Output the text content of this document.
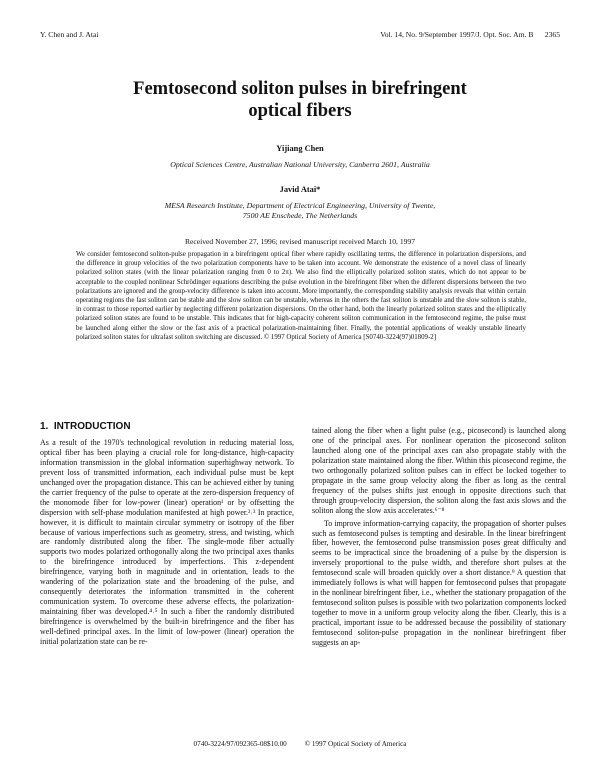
Y. Chen and J. Atai	Vol. 14, No. 9/September 1997/J. Opt. Soc. Am. B      2365
Femtosecond soliton pulses in birefringent
optical fibers
Yijiang Chen
Optical Sciences Centre, Australian National University, Canberra 2601, Australia
Javid Atai*
MESA Research Institute, Department of Electrical Engineering, University of Twente,
7500 AE Enschede, The Netherlands
Received November 27, 1996; revised manuscript received March 10, 1997
We consider femtosecond soliton-pulse propagation in a birefringent optical fiber where rapidly oscillating terms, the difference in polarization dispersions, and the difference in group velocities of the two polarization components have to be taken into account. We demonstrate the existence of a novel class of linearly polarized soliton states (with the linear polarization ranging from 0 to 2π). We also find the elliptically polarized soliton states, which do not appear to be acceptable to the coupled nonlinear Schrödinger equations describing the pulse evolution in the birefringent fiber when the different dispersions between the two polarizations are ignored and the group-velocity difference is taken into account. More importantly, the corresponding stability analysis reveals that within certain operating regions the fast soliton can be stable and the slow soliton can be unstable, whereas in the others the fast soliton is unstable and the slow soliton is stable, in contrast to those reported earlier by neglecting different polarization dispersions. On the other hand, both the linearly polarized soliton states and the elliptically polarized soliton states are found to be unstable. This indicates that for high-capacity coherent soliton communication in the femtosecond regime, the pulse must be launched along either the slow or the fast axis of a practical polarization-maintaining fiber. Finally, the potential applications of weakly unstable linearly polarized soliton states for ultrafast soliton switching are discussed. © 1997 Optical Society of America [S0740-3224(97)01809-2]
1.  INTRODUCTION

As a result of the 1970's technological revolution in reducing material loss, optical fiber has been playing a crucial role for long-distance, high-capacity information transmission in the global information superhighway network. To prevent loss of transmitted information, each individual pulse must be kept unchanged over the propagation distance. This can be achieved either by tuning the carrier frequency of the pulse to operate at the zero-dispersion frequency of the monomode fiber for low-power (linear) operation¹ or by offsetting the dispersion with self-phase modulation manifested at high power.²˒³ In practice, however, it is difficult to maintain circular symmetry or isotropy of the fiber because of various imperfections such as geometry, stress, and twisting, which are randomly distributed along the fiber. The single-mode fiber actually supports two modes polarized orthogonally along the two principal axes thanks to the birefringence introduced by imperfections. This z-dependent birefringence, varying both in magnitude and in orientation, leads to the wandering of the polarization state and the broadening of the pulse, and consequently deteriorates the information transmitted in the coherent communication system. To overcome these adverse effects, the polarization-maintaining fiber was developed.⁴˒⁵ In such a fiber the randomly distributed birefringence is overwhelmed by the built-in birefringence and the fiber has well-defined principal axes. In the limit of low-power (linear) operation the initial polarization state can be re-

tained along the fiber when a light pulse (e.g., picosecond) is launched along one of the principal axes. For nonlinear operation the picosecond soliton launched along one of the principal axes can also propagate stably with the polarization state maintained along the fiber. Within this picosecond regime, the two orthogonally polarized soliton pulses can in effect be locked together to propagate in the same group velocity along the fiber as long as the central frequency of the pulses shifts just enough in opposite directions such that through group-velocity dispersion, the soliton along the fast axis slows and the soliton along the slow axis accelerates.⁶⁻⁸

To improve information-carrying capacity, the propagation of shorter pulses such as femtosecond pulses is tempting and desirable. In the linear birefringent fiber, however, the femtosecond pulse transmission poses great difficulty and seems to be impractical since the broadening of a pulse by the dispersion is inversely proportional to the pulse width, and therefore short pulses at the femtosecond scale will broaden quickly over a short distance.⁹ A question that immediately follows is what will happen for femtosecond pulses that propagate in the nonlinear birefringent fiber, i.e., whether the stationary propagation of the femtosecond soliton pulses is possible with two polarization components locked together to move in a uniform group velocity along the fiber. Clearly, this is a practical, important issue to be addressed because the possibility of stationary femtosecond soliton-pulse propagation in the nonlinear birefringent fiber suggests an ap-

0740-3224/97/092365-08$10.00 © 1997 Optical Society of America
